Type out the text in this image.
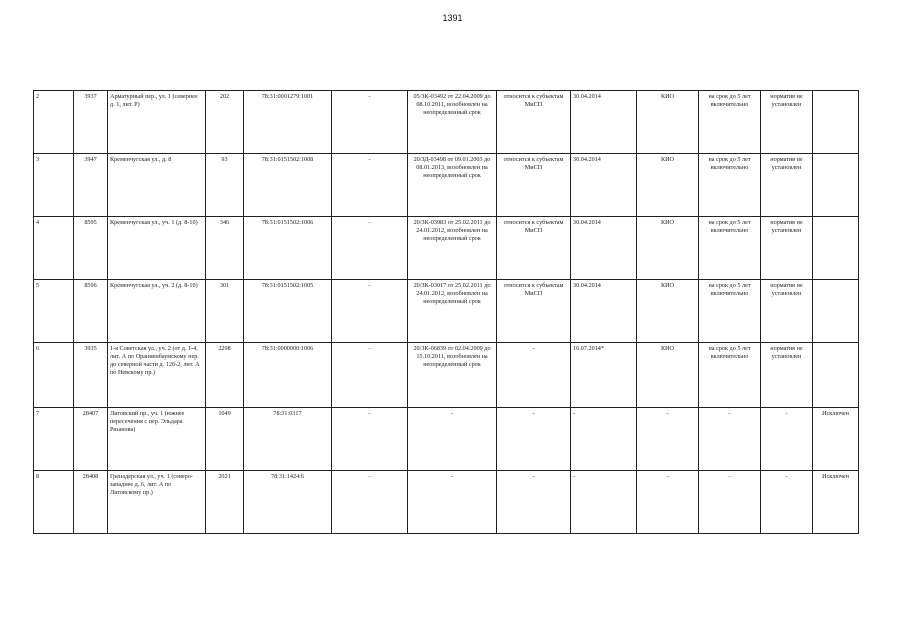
1391
2	3937	Арматурный пер., ул. 1 (севернее д. 1, лит. Р)	202	78:31:0001279:1001	-	05/ЗК-03492 от 22.04.2009 до 08.10.2011, возобновлен на неопределенный срок	относится к субъектам МиСП	30.04.2014	КИО	на срок до 5 лет включительно	норматив не установлен	
3	3947	Кременчугская ул., д. 8	93	78:31:0151502:1008	-	20/ЗД-03498 от 09.01.2003 до 08.01.2013, возобновлен на неопределенный срок	относится к субъектам МиСП	30.04.2014	КИО	на срок до 5 лет включительно	норматив не установлен	
4	8595	Кременчугская ул., уч. 1 (д. 8-10)	346	78:31:0151502:1006	-	20/ЗК-03983 от 25.02.2011 до 24.01.2012, возобновлен на неопределенный срок	относится к субъектам МиСП	30.04.2014	КИО	на срок до 5 лет включительно	норматив не установлен	
5	8596	Кременчугская ул., уч. 2 (д. 8-10)	301	78:31:0151502:1005	-	20/ЗК-03017 от 25.02.2011 до 24.01.2012, возобновлен на неопределенный срок	относится к субъектам МиСП	30.04.2014	КИО	на срок до 5 лет включительно	норматив не установлен	
6	3935	1-я Советская ул., уч. 2 (от д. 1-4, лит. А по Ораниенбаумскому пер. до северной части д. 12б-2, лит. А по Невскому пр.)	2298	78:31:0000000:1006	-	20/ЗК-06839 от 02.04.2009 до 15.10.2011, возобновлен на неопределенный срок	-	16.07.2014*	КИО	на срок до 5 лет включительно	норматив не установлен	
7	28407	Лиговский пр., уч. 1 (южнее пересечения с пер. Эльдара Рязанова)	1049	78:31:0317	-	-	-	-	-	-	-	Исключен
8	28408	Гренадерская ул., уч. 1 (северо-западнее д. 6, лит. А по Лиговскому пр.)	2021	78:31:1424:6	-	-	-	-	-	-	-	Исключен
